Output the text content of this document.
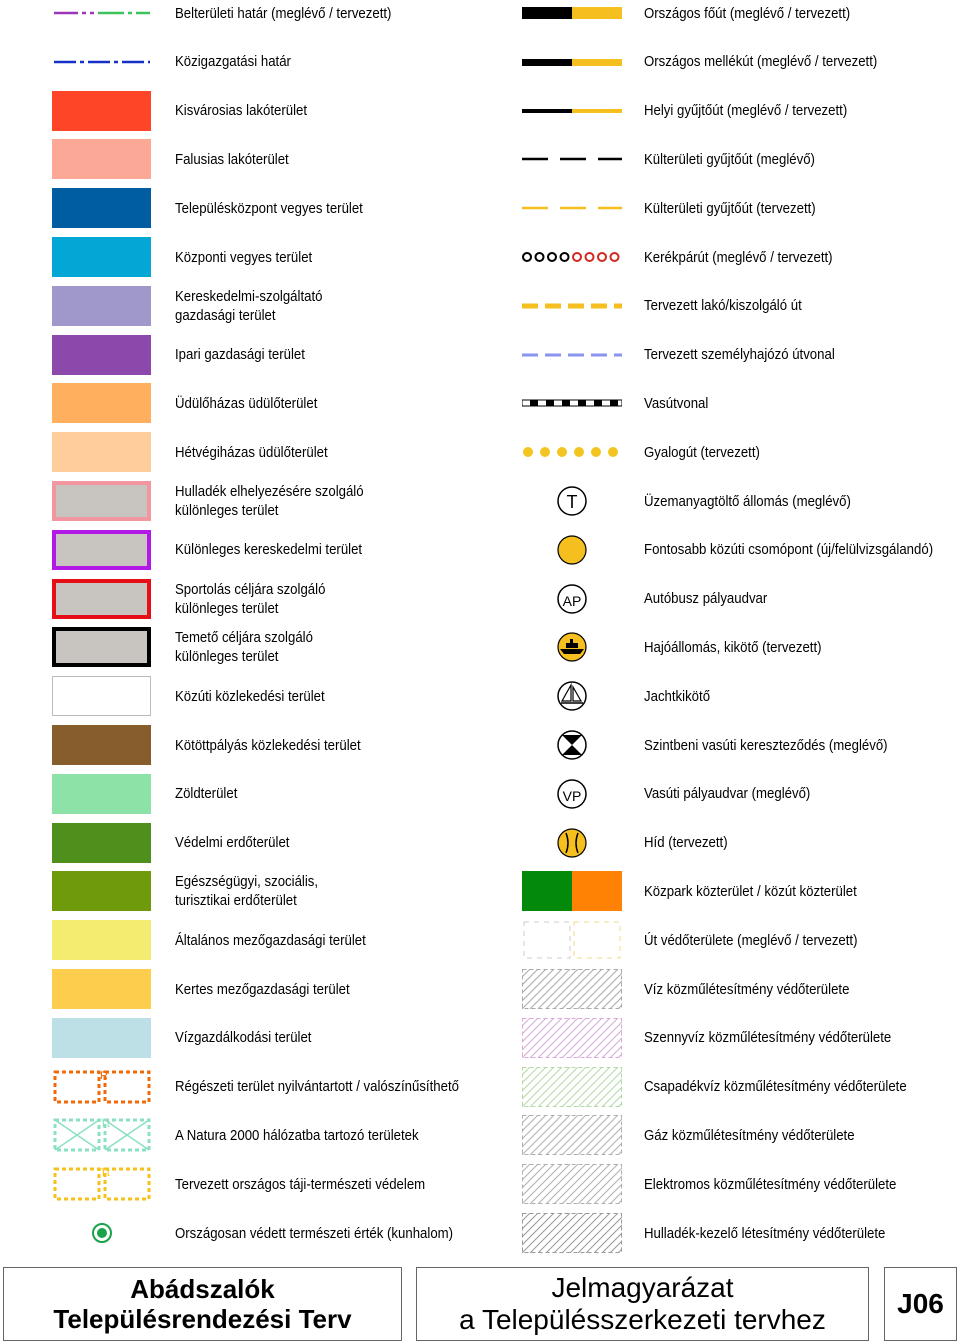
Belterületi határ (meglévő / tervezett)
Közigazgatási határ
Kisvárosias lakóterület
Falusias lakóterület
Településközpont vegyes terület
Központi vegyes terület
Kereskedelmi-szolgáltató
gazdasági terület
Ipari gazdasági terület
Üdülőházas üdülőterület
Hétvégiházas üdülőterület
Hulladék elhelyezésére szolgáló
különleges terület
Különleges kereskedelmi terület
Sportolás céljára szolgáló
különleges terület
Temető céljára szolgáló
különleges terület
Közúti közlekedési terület
Kötöttpályás közlekedési terület
Zöldterület
Védelmi erdőterület
Egészségügyi, szociális,
turisztikai erdőterület
Általános mezőgazdasági terület
Kertes mezőgazdasági terület
Vízgazdálkodási terület
R
Régészeti terület nyilvántartott / valószínűsíthető
Tt
A Natura 2000 hálózatba tartozó területek
Tt
Tervezett országos táji-természeti védelem
Országosan védett természeti érték (kunhalom)
Országos főút (meglévő / tervezett)
Országos mellékút (meglévő / tervezett)
Helyi gyűjtőút (meglévő / tervezett)
Külterületi gyűjtőút (meglévő)
Külterületi gyűjtőút (tervezett)
Kerékpárút (meglévő / tervezett)
Tervezett lakó/kiszolgáló út
Tervezett személyhajózó útvonal
Vasútvonal
Gyalogút (tervezett)
T	Üzemanyagtöltő állomás (meglévő)
Fontosabb közúti csomópont (új/felülvizsgálandó)
AP	Autóbusz pályaudvar
Hajóállomás, kikötő (tervezett)
Jachtkikötő
Szintbeni vasúti kereszteződés (meglévő)
VP	Vasúti pályaudvar (meglévő)
Híd (tervezett)
Közpark közterület / közút közterület
Út védőterülete (meglévő / tervezett)
Víz közműlétesítmény védőterülete
Szennyvíz közműlétesítmény védőterülete
Csapadékvíz közműlétesítmény védőterülete
Gáz közműlétesítmény védőterülete
Elektromos közműlétesítmény védőterülete
Hulladék-kezelő létesítmény védőterülete
Abádszalók
Településrendezési Terv
Jelmagyarázat
a Településszerkezeti tervhez
J06
